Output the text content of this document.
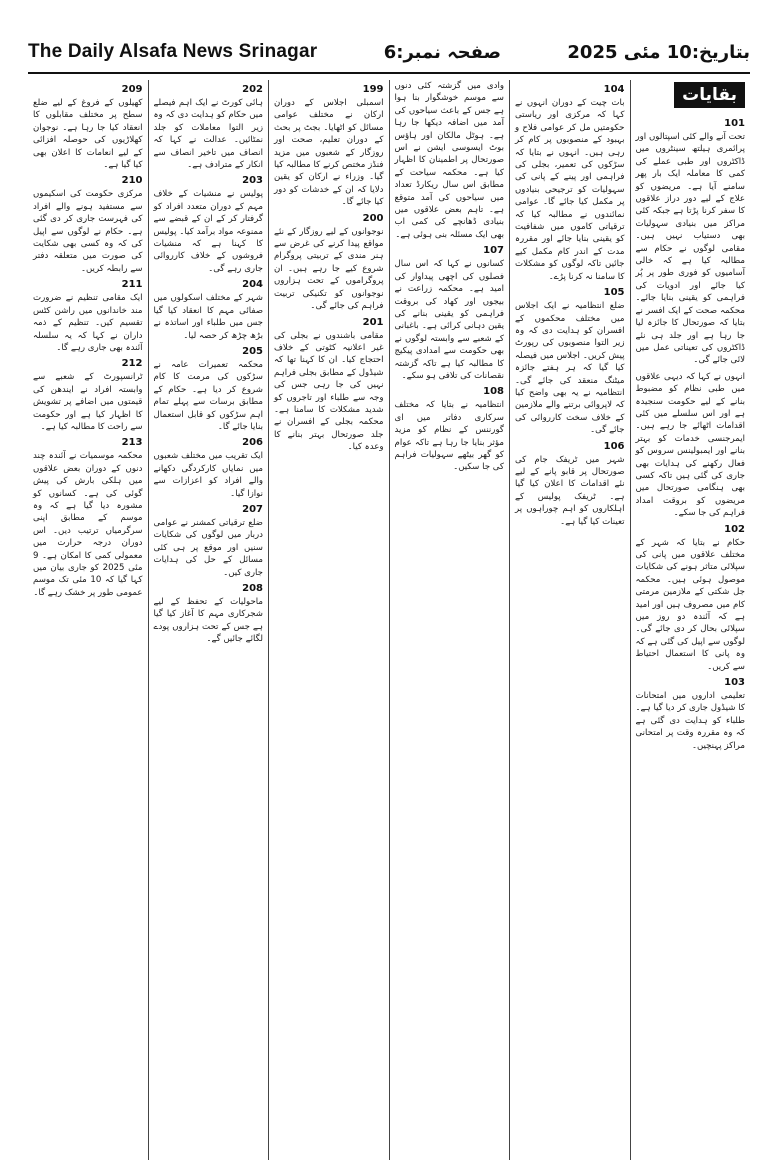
The Daily Alsafa News Srinagar	صفحہ نمبر:6	بتاریخ:10 مئی 2025
بقایات
101

تحت آنے والے کئی اسپتالوں اور پرائمری ہیلتھ سینٹروں میں ڈاکٹروں اور طبی عملے کی کمی کا معاملہ ایک بار پھر سامنے آیا ہے۔ مریضوں کو علاج کے لیے دور دراز علاقوں کا سفر کرنا پڑتا ہے جبکہ کئی مراکز میں بنیادی سہولیات بھی دستیاب نہیں ہیں۔ مقامی لوگوں نے حکام سے مطالبہ کیا ہے کہ خالی آسامیوں کو فوری طور پر پُر کیا جائے اور ادویات کی فراہمی کو یقینی بنایا جائے۔ محکمہ صحت کے ایک افسر نے بتایا کہ صورتحال کا جائزہ لیا جا رہا ہے اور جلد ہی نئے ڈاکٹروں کی تعیناتی عمل میں لائی جائے گی۔

انہوں نے کہا کہ دیہی علاقوں میں طبی نظام کو مضبوط بنانے کے لیے حکومت سنجیدہ ہے اور اس سلسلے میں کئی اقدامات اٹھائے جا رہے ہیں۔ ایمرجنسی خدمات کو بہتر بنانے اور ایمبولینس سروس کو فعال رکھنے کی ہدایات بھی جاری کی گئی ہیں تاکہ کسی بھی ہنگامی صورتحال میں مریضوں کو بروقت امداد فراہم کی جا سکے۔

102

حکام نے بتایا کہ شہر کے مختلف علاقوں میں پانی کی سپلائی متاثر ہونے کی شکایات موصول ہوئی ہیں۔ محکمہ جل شکتی کے ملازمین مرمتی کام میں مصروف ہیں اور امید ہے کہ آئندہ دو روز میں سپلائی بحال کر دی جائے گی۔ لوگوں سے اپیل کی گئی ہے کہ وہ پانی کا استعمال احتیاط سے کریں۔

103

تعلیمی اداروں میں امتحانات کا شیڈول جاری کر دیا گیا ہے۔ طلباء کو ہدایت دی گئی ہے کہ وہ مقررہ وقت پر امتحانی مراکز پہنچیں۔

104

بات چیت کے دوران انہوں نے کہا کہ مرکزی اور ریاستی حکومتیں مل کر عوامی فلاح و بہبود کے منصوبوں پر کام کر رہی ہیں۔ انہوں نے بتایا کہ سڑکوں کی تعمیر، بجلی کی فراہمی اور پینے کے پانی کی سہولیات کو ترجیحی بنیادوں پر مکمل کیا جائے گا۔ عوامی نمائندوں نے مطالبہ کیا کہ ترقیاتی کاموں میں شفافیت کو یقینی بنایا جائے اور مقررہ مدت کے اندر کام مکمل کیے جائیں تاکہ لوگوں کو مشکلات کا سامنا نہ کرنا پڑے۔

105

ضلع انتظامیہ نے ایک اجلاس میں مختلف محکموں کے افسران کو ہدایت دی کہ وہ زیر التوا منصوبوں کی رپورٹ پیش کریں۔ اجلاس میں فیصلہ کیا گیا کہ ہر ہفتے جائزہ میٹنگ منعقد کی جائے گی۔ انتظامیہ نے یہ بھی واضح کیا کہ لاپروائی برتنے والے ملازمین کے خلاف سخت کارروائی کی جائے گی۔

106

شہر میں ٹریفک جام کی صورتحال پر قابو پانے کے لیے نئے اقدامات کا اعلان کیا گیا ہے۔ ٹریفک پولیس کے اہلکاروں کو اہم چوراہوں پر تعینات کیا گیا ہے۔

وادی میں گزشتہ کئی دنوں سے موسم خوشگوار بنا ہوا ہے جس کے باعث سیاحوں کی آمد میں اضافہ دیکھا جا رہا ہے۔ ہوٹل مالکان اور ہاؤس بوٹ ایسوسی ایشن نے اس صورتحال پر اطمینان کا اظہار کیا ہے۔ محکمہ سیاحت کے مطابق اس سال ریکارڈ تعداد میں سیاحوں کی آمد متوقع ہے۔ تاہم بعض علاقوں میں بنیادی ڈھانچے کی کمی اب بھی ایک مسئلہ بنی ہوئی ہے۔

107

کسانوں نے کہا کہ اس سال فصلوں کی اچھی پیداوار کی امید ہے۔ محکمہ زراعت نے بیجوں اور کھاد کی بروقت فراہمی کو یقینی بنانے کی یقین دہانی کرائی ہے۔ باغبانی کے شعبے سے وابستہ لوگوں نے بھی حکومت سے امدادی پیکیج کا مطالبہ کیا ہے تاکہ گزشتہ نقصانات کی تلافی ہو سکے۔

108

انتظامیہ نے بتایا کہ مختلف سرکاری دفاتر میں ای گورننس کے نظام کو مزید مؤثر بنایا جا رہا ہے تاکہ عوام کو گھر بیٹھے سہولیات فراہم کی جا سکیں۔

199

اسمبلی اجلاس کے دوران ارکان نے مختلف عوامی مسائل کو اٹھایا۔ بجٹ پر بحث کے دوران تعلیم، صحت اور روزگار کے شعبوں میں مزید فنڈز مختص کرنے کا مطالبہ کیا گیا۔ وزراء نے ارکان کو یقین دلایا کہ ان کے خدشات کو دور کیا جائے گا۔

200

نوجوانوں کے لیے روزگار کے نئے مواقع پیدا کرنے کی غرض سے ہنر مندی کے تربیتی پروگرام شروع کیے جا رہے ہیں۔ ان پروگراموں کے تحت ہزاروں نوجوانوں کو تکنیکی تربیت فراہم کی جائے گی۔

201

مقامی باشندوں نے بجلی کی غیر اعلانیہ کٹوتی کے خلاف احتجاج کیا۔ ان کا کہنا تھا کہ شیڈول کے مطابق بجلی فراہم نہیں کی جا رہی جس کی وجہ سے طلباء اور تاجروں کو شدید مشکلات کا سامنا ہے۔ محکمہ بجلی کے افسران نے جلد صورتحال بہتر بنانے کا وعدہ کیا۔

202

ہائی کورٹ نے ایک اہم فیصلے میں حکام کو ہدایت دی کہ وہ زیر التوا معاملات کو جلد نمٹائیں۔ عدالت نے کہا کہ انصاف میں تاخیر انصاف سے انکار کے مترادف ہے۔

203

پولیس نے منشیات کے خلاف مہم کے دوران متعدد افراد کو گرفتار کر کے ان کے قبضے سے ممنوعہ مواد برآمد کیا۔ پولیس کا کہنا ہے کہ منشیات فروشوں کے خلاف کارروائی جاری رہے گی۔

204

شہر کے مختلف اسکولوں میں صفائی مہم کا انعقاد کیا گیا جس میں طلباء اور اساتذہ نے بڑھ چڑھ کر حصہ لیا۔

205

محکمہ تعمیرات عامہ نے سڑکوں کی مرمت کا کام شروع کر دیا ہے۔ حکام کے مطابق برسات سے پہلے تمام اہم سڑکوں کو قابل استعمال بنایا جائے گا۔

206

ایک تقریب میں مختلف شعبوں میں نمایاں کارکردگی دکھانے والے افراد کو اعزازات سے نوازا گیا۔

207

ضلع ترقیاتی کمشنر نے عوامی دربار میں لوگوں کی شکایات سنیں اور موقع پر ہی کئی مسائل کے حل کی ہدایات جاری کیں۔

208

ماحولیات کے تحفظ کے لیے شجرکاری مہم کا آغاز کیا گیا ہے جس کے تحت ہزاروں پودے لگائے جائیں گے۔

209

کھیلوں کے فروغ کے لیے ضلع سطح پر مختلف مقابلوں کا انعقاد کیا جا رہا ہے۔ نوجوان کھلاڑیوں کی حوصلہ افزائی کے لیے انعامات کا اعلان بھی کیا گیا ہے۔

210

مرکزی حکومت کی اسکیموں سے مستفید ہونے والے افراد کی فہرست جاری کر دی گئی ہے۔ حکام نے لوگوں سے اپیل کی کہ وہ کسی بھی شکایت کی صورت میں متعلقہ دفتر سے رابطہ کریں۔

211

ایک مقامی تنظیم نے ضرورت مند خاندانوں میں راشن کٹس تقسیم کیں۔ تنظیم کے ذمہ داران نے کہا کہ یہ سلسلہ آئندہ بھی جاری رہے گا۔

212

ٹرانسپورٹ کے شعبے سے وابستہ افراد نے ایندھن کی قیمتوں میں اضافے پر تشویش کا اظہار کیا ہے اور حکومت سے راحت کا مطالبہ کیا ہے۔

213

محکمہ موسمیات نے آئندہ چند دنوں کے دوران بعض علاقوں میں ہلکی بارش کی پیش گوئی کی ہے۔ کسانوں کو مشورہ دیا گیا ہے کہ وہ موسم کے مطابق اپنی سرگرمیاں ترتیب دیں۔ اس دوران درجہ حرارت میں معمولی کمی کا امکان ہے۔ 9 مئی 2025 کو جاری بیان میں کہا گیا کہ 10 مئی تک موسم عمومی طور پر خشک رہے گا۔
